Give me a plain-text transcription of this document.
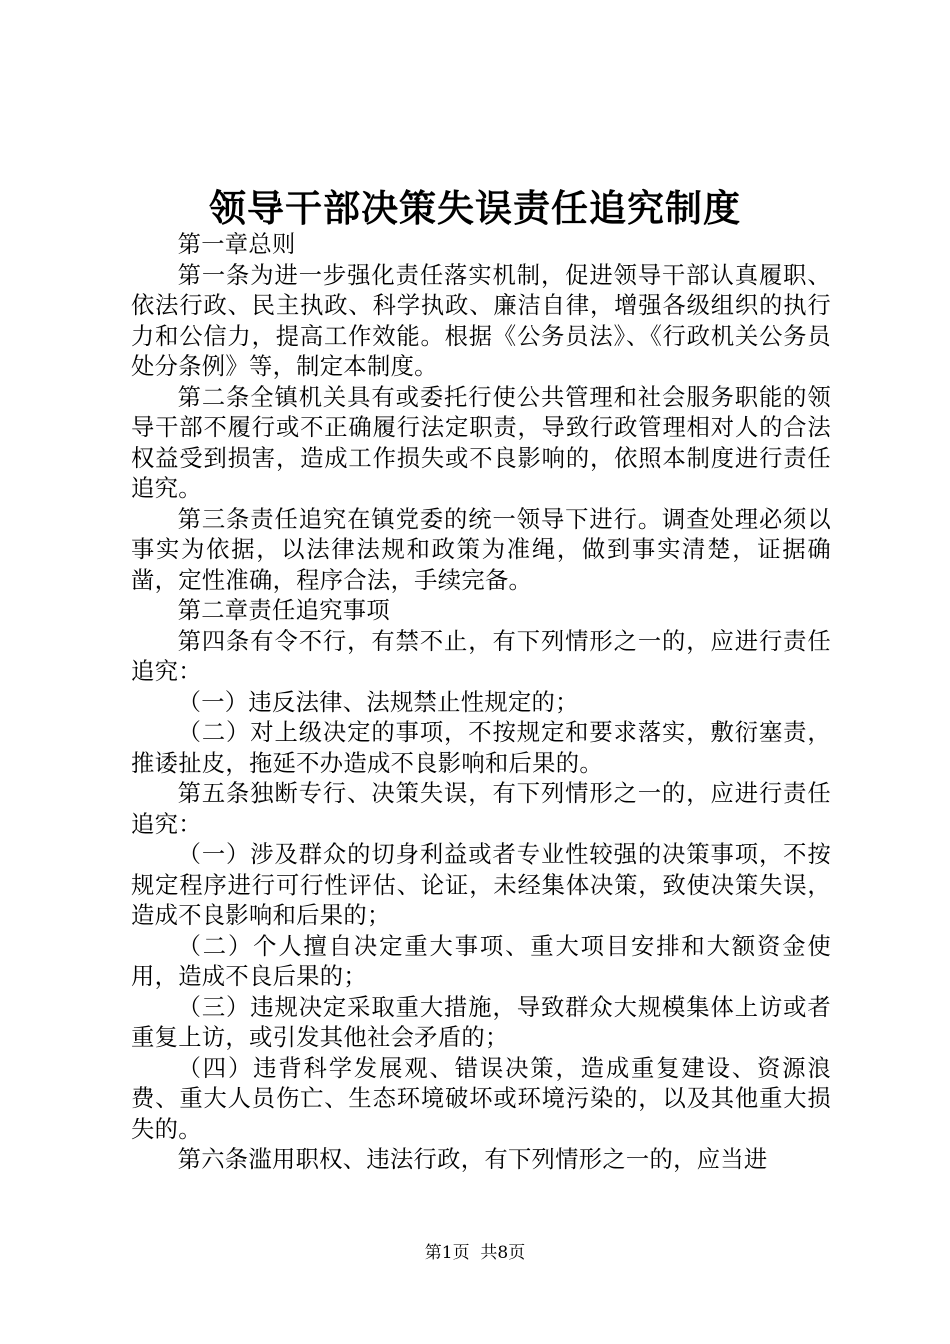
领导干部决策失误责任追究制度

第一章总则

第一条为进一步强化责任落实机制，促进领导干部认真履职、依法行政、民主执政、科学执政、廉洁自律，增强各级组织的执行力和公信力，提高工作效能。根据《公务员法》、《行政机关公务员处分条例》等，制定本制度。

第二条全镇机关具有或委托行使公共管理和社会服务职能的领导干部不履行或不正确履行法定职责，导致行政管理相对人的合法权益受到损害，造成工作损失或不良影响的，依照本制度进行责任追究。

第三条责任追究在镇党委的统一领导下进行。调查处理必须以事实为依据，以法律法规和政策为准绳，做到事实清楚，证据确凿，定性准确，程序合法，手续完备。

第二章责任追究事项

第四条有令不行，有禁不止，有下列情形之一的，应进行责任追究：

（一）违反法律、法规禁止性规定的；

（二）对上级决定的事项，不按规定和要求落实，敷衍塞责，推诿扯皮，拖延不办造成不良影响和后果的。

第五条独断专行、决策失误，有下列情形之一的，应进行责任追究：

（一）涉及群众的切身利益或者专业性较强的决策事项，不按规定程序进行可行性评估、论证，未经集体决策，致使决策失误，造成不良影响和后果的；

（二）个人擅自决定重大事项、重大项目安排和大额资金使用，造成不良后果的；

（三）违规决定采取重大措施，导致群众大规模集体上访或者重复上访，或引发其他社会矛盾的；

（四）违背科学发展观、错误决策，造成重复建设、资源浪费、重大人员伤亡、生态环境破坏或环境污染的，以及其他重大损失的。

第六条滥用职权、违法行政，有下列情形之一的，应当进

第1页 共8页
